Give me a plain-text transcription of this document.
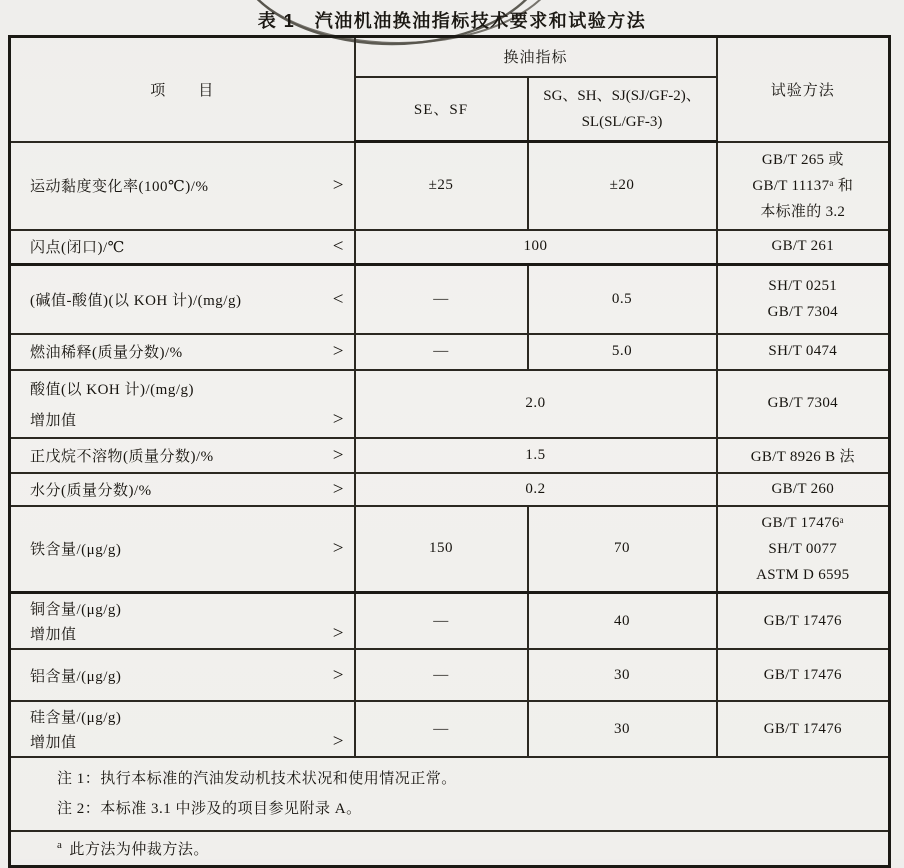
表 1　汽油机油换油指标技术要求和试验方法
项　　目	换油指标		试验方法
	SE、SF	SG、SH、SJ(SJ/GF-2)、
SL(SL/GF-3)	

运动黏度变化率(100℃)/% >	±25	±20	GB/T 265 或
GB/T 11137ᵃ 和
本标准的 3.2

闪点(闭口)/℃ <	100		GB/T 261

(碱值-酸值)(以 KOH 计)/(mg/g) <	—	0.5	SH/T 0251
GB/T 7304

燃油稀释(质量分数)/% >	—	5.0	SH/T 0474

酸值(以 KOH 计)/(mg/g)
增加值 >	2.0		GB/T 7304

正戊烷不溶物(质量分数)/% >	1.5		GB/T 8926 B 法

水分(质量分数)/% >	0.2		GB/T 260

铁含量/(μg/g) >	150	70	GB/T 17476ᵃ
SH/T 0077
ASTM D 6595

铜含量/(μg/g)
增加值 >	—	40	GB/T 17476

铝含量/(μg/g) >	—	30	GB/T 17476

硅含量/(μg/g)
增加值 >	—	30	GB/T 17476

注 1：执行本标准的汽油发动机技术状况和使用情况正常。
注 2：本标准 3.1 中涉及的项目参见附录 A。			

$^a$ 此方法为仲裁方法。			
